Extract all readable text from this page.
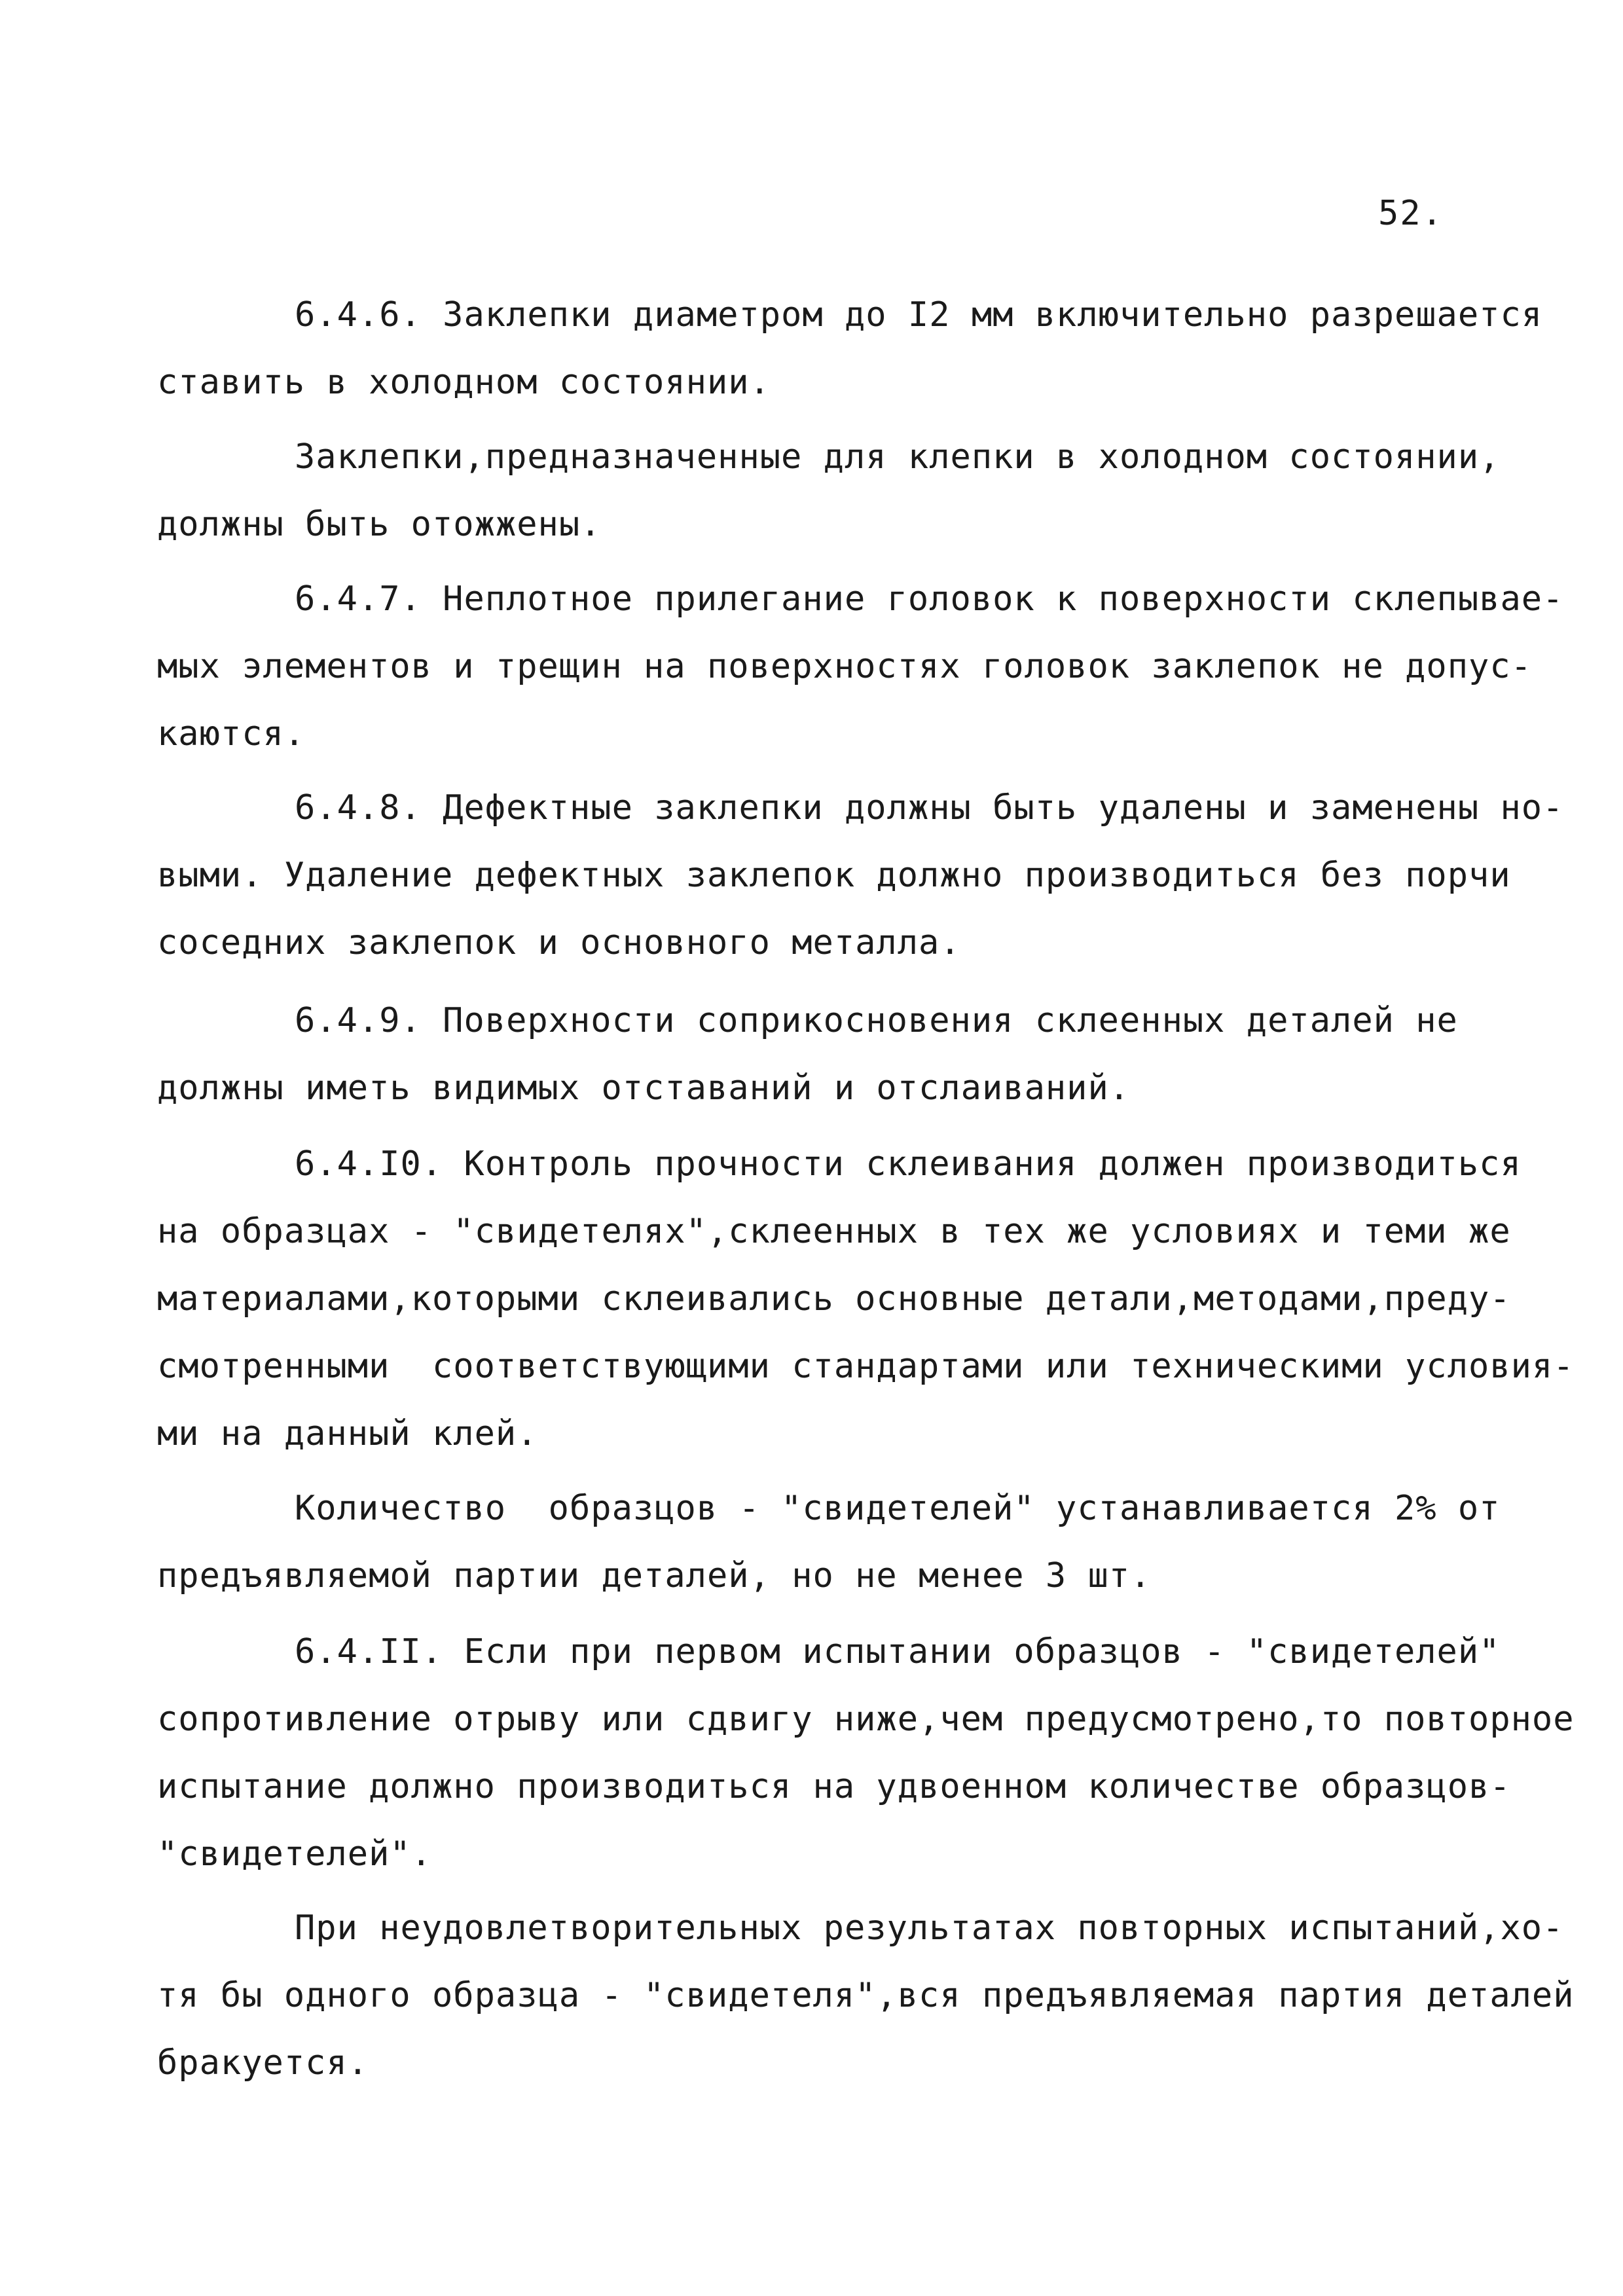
52.
6.4.6. Заклепки диаметром до I2 мм включительно разрешается
ставить в холодном состоянии.
Заклепки,предназначенные для клепки в холодном состоянии,
должны быть отожжены.
6.4.7. Неплотное прилегание головок к поверхности склепывае-
мых элементов и трещин на поверхностях головок заклепок не допус-
каются.
6.4.8. Дефектные заклепки должны быть удалены и заменены но-
выми. Удаление дефектных заклепок должно производиться без порчи
соседних заклепок и основного металла.
6.4.9. Поверхности соприкосновения склеенных деталей не
должны иметь видимых отставаний и отслаиваний.
6.4.I0. Контроль прочности склеивания должен производиться
на образцах - "свидетелях",склеенных в тех же условиях и теми же
материалами,которыми склеивались основные детали,методами,преду-
смотренными  соответствующими стандартами или техническими условия-
ми на данный клей.
Количество  образцов - "свидетелей" устанавливается 2% от
предъявляемой партии деталей, но не менее 3 шт.
6.4.II. Если при первом испытании образцов - "свидетелей"
сопротивление отрыву или сдвигу ниже,чем предусмотрено,то повторное
испытание должно производиться на удвоенном количестве образцов-
"свидетелей".
При неудовлетворительных результатах повторных испытаний,хо-
тя бы одного образца - "свидетеля",вся предъявляемая партия деталей
бракуется.
